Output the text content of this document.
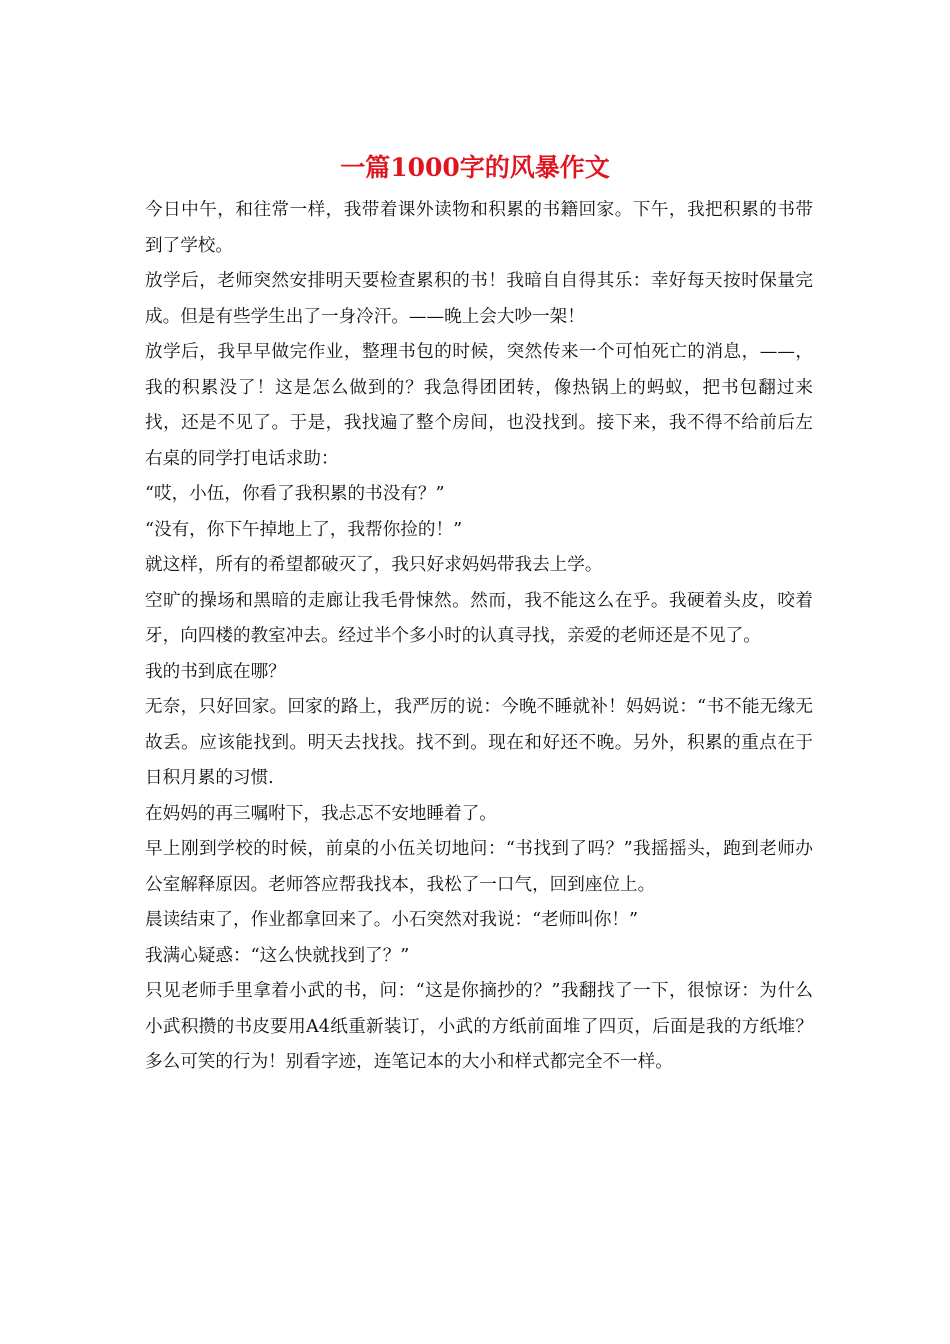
一篇1000字的风暴作文

今日中午，和往常一样，我带着课外读物和积累的书籍回家。下午，我把积累的书带到了学校。

放学后，老师突然安排明天要检查累积的书！我暗自自得其乐：幸好每天按时保量完成。但是有些学生出了一身冷汗。——晚上会大吵一架！

放学后，我早早做完作业，整理书包的时候，突然传来一个可怕死亡的消息，——，我的积累没了！这是怎么做到的？我急得团团转，像热锅上的蚂蚁，把书包翻过来找，还是不见了。于是，我找遍了整个房间，也没找到。接下来，我不得不给前后左右桌的同学打电话求助：

“哎，小伍，你看了我积累的书没有？”

“没有，你下午掉地上了，我帮你捡的！”

就这样，所有的希望都破灭了，我只好求妈妈带我去上学。

空旷的操场和黑暗的走廊让我毛骨悚然。然而，我不能这么在乎。我硬着头皮，咬着牙，向四楼的教室冲去。经过半个多小时的认真寻找，亲爱的老师还是不见了。

我的书到底在哪？

无奈，只好回家。回家的路上，我严厉的说：今晚不睡就补！妈妈说：“书不能无缘无故丢。应该能找到。明天去找找。找不到。现在和好还不晚。另外，积累的重点在于日积月累的习惯.

在妈妈的再三嘱咐下，我忐忑不安地睡着了。

早上刚到学校的时候，前桌的小伍关切地问：“书找到了吗？”我摇摇头，跑到老师办公室解释原因。老师答应帮我找本，我松了一口气，回到座位上。

晨读结束了，作业都拿回来了。小石突然对我说：“老师叫你！”

我满心疑惑：“这么快就找到了？”

只见老师手里拿着小武的书，问：“这是你摘抄的？”我翻找了一下，很惊讶：为什么小武积攒的书皮要用A4纸重新装订，小武的方纸前面堆了四页，后面是我的方纸堆？多么可笑的行为！别看字迹，连笔记本的大小和样式都完全不一样。
